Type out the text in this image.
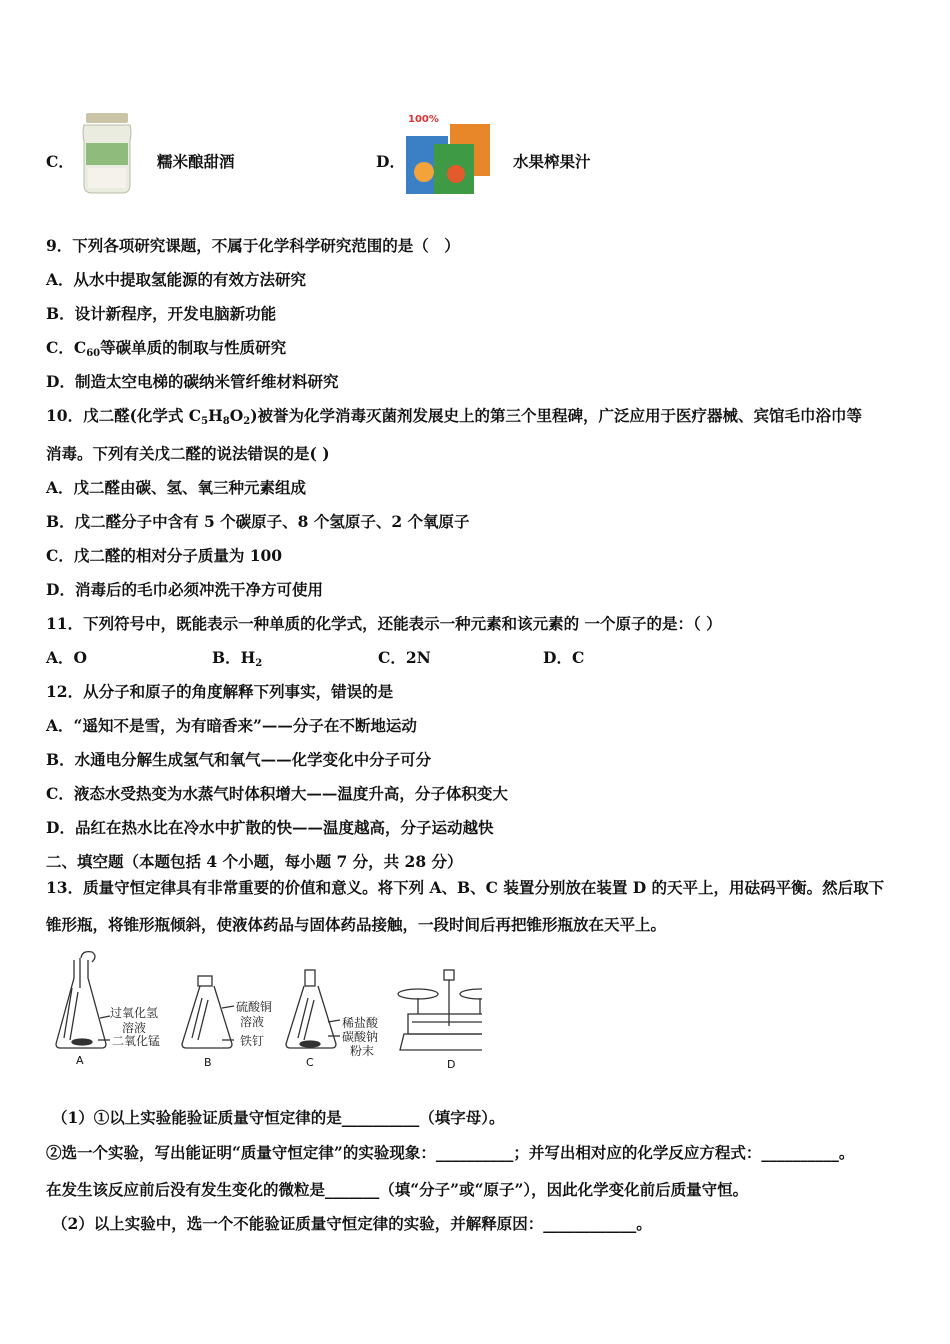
C．	糯米酿甜酒	D．
100%
水果榨果汁
9．下列各项研究课题，不属于化学科学研究范围的是（　）
A．从水中提取氢能源的有效方法研究
B．设计新程序，开发电脑新功能
C．$C_{60}$等碳单质的制取与性质研究
D．制造太空电梯的碳纳米管纤维材料研究
10．戊二醛(化学式 $C_5H_8O_2$)被誉为化学消毒灭菌剂发展史上的第三个里程碑，广泛应用于医疗器械、宾馆毛巾浴巾等
消毒。下列有关戊二醛的说法错误的是( )
A．戊二醛由碳、氢、氧三种元素组成
B．戊二醛分子中含有 5 个碳原子、8 个氢原子、2 个氧原子
C．戊二醛的相对分子质量为 100
D．消毒后的毛巾必须冲洗干净方可使用
11．下列符号中，既能表示一种单质的化学式，还能表示一种元素和该元素的 一个原子的是：（ ）
A．O	B．$H_2$	C．2N	D．C
12．从分子和原子的角度解释下列事实，错误的是
A．“遥知不是雪，为有暗香来”——分子在不断地运动
B．水通电分解生成氢气和氧气——化学变化中分子可分
C．液态水受热变为水蒸气时体积增大——温度升高，分子体积变大
D．品红在热水比在冷水中扩散的快——温度越高，分子运动越快
二、填空题（本题包括 4 个小题，每小题 7 分，共 28 分）
13．质量守恒定律具有非常重要的价值和意义。将下列 A、B、C 装置分别放在装置 D 的天平上，用砝码平衡。然后取下
锥形瓶，将锥形瓶倾斜，使液体药品与固体药品接触，一段时间后再把锥形瓶放在天平上。
过氧化氢
溶液
二氧化锰
A
硫酸铜
溶液
铁钉
B
稀盐酸
碳酸钠
粉末
C	D
（1）①以上实验能验证质量守恒定律的是__________（填字母）。
②选一个实验，写出能证明“质量守恒定律”的实验现象：__________；并写出相对应的化学反应方程式：__________。
在发生该反应前后没有发生变化的微粒是_______（填“分子”或“原子”），因此化学变化前后质量守恒。
（2）以上实验中，选一个不能验证质量守恒定律的实验，并解释原因：____________。
